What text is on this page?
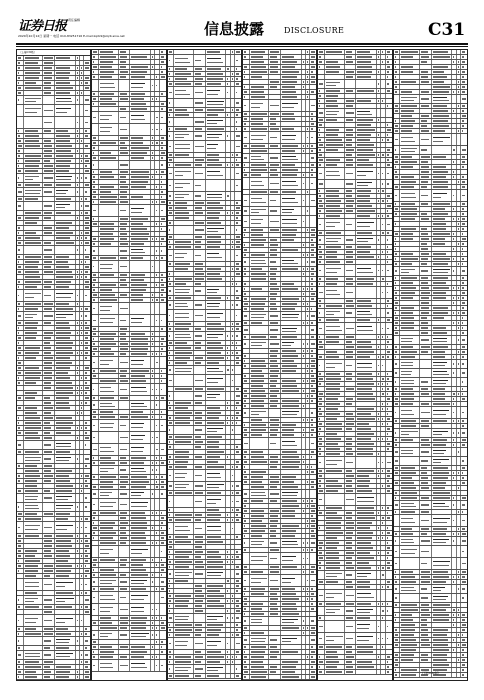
证券日报 责任编辑
2020年10月12日 星期一 电话 010-83251716 E-mail:zqrb9@zqrb.sina.net	信息披露 DISCLOSURE	C31
（上接C30版）
（下转C32版）
